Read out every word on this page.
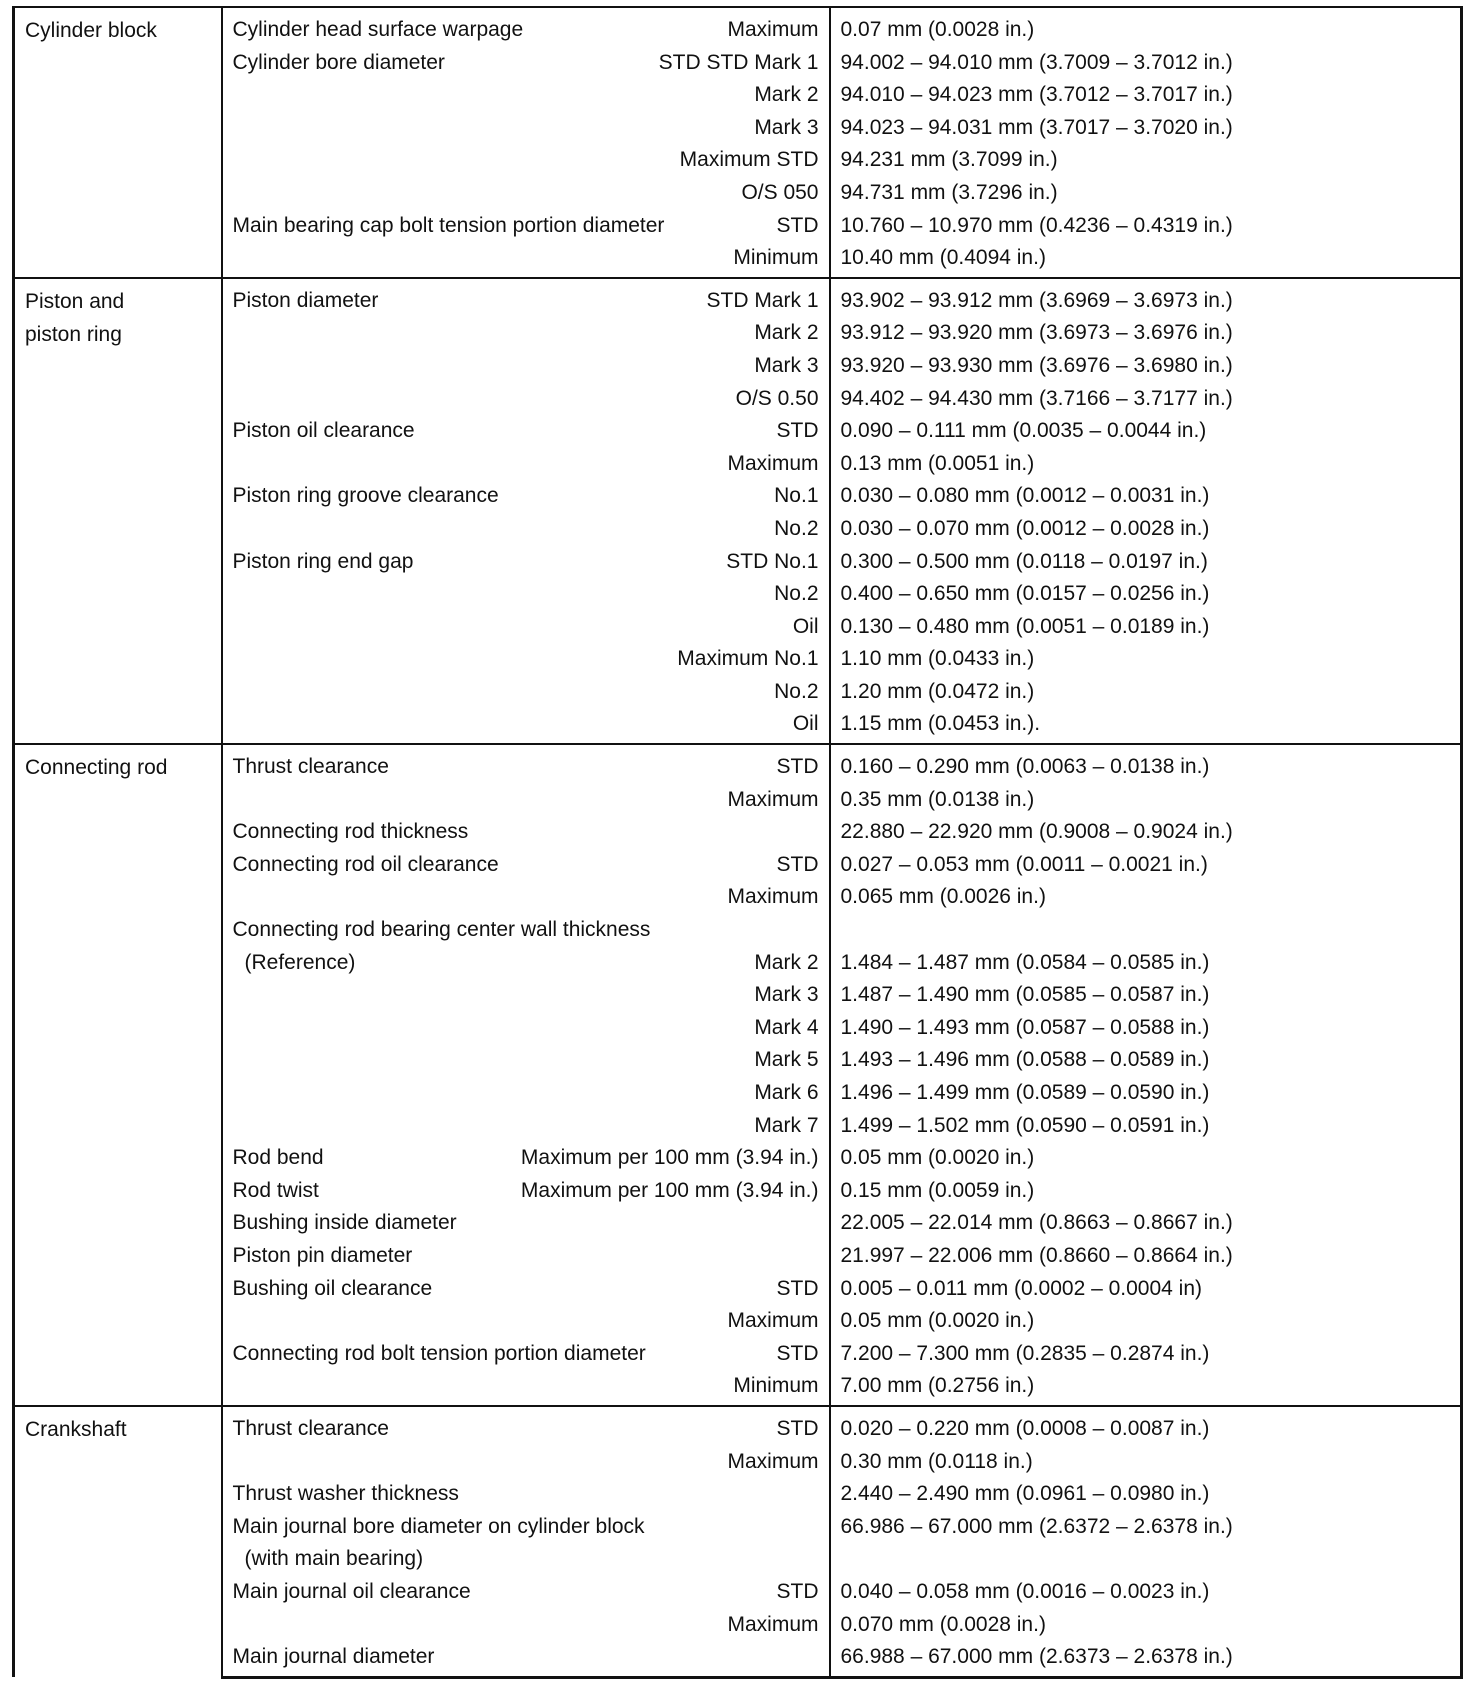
Cylinder block	Cylinder head surface warpage Maximum	0.07 mm (0.0028 in.)

	Cylinder bore diameter STD STD Mark 1	94.002 – 94.010 mm (3.7009 – 3.7012 in.)

	Mark 2	94.010 – 94.023 mm (3.7012 – 3.7017 in.)

	Mark 3	94.023 – 94.031 mm (3.7017 – 3.7020 in.)

	Maximum STD	94.231 mm (3.7099 in.)

	O/S 050	94.731 mm (3.7296 in.)

	Main bearing cap bolt tension portion diameter STD	10.760 – 10.970 mm (0.4236 – 0.4319 in.)

	Minimum	10.40 mm (0.4094 in.)
Piston and
piston ring	Piston diameter STD Mark 1	93.902 – 93.912 mm (3.6969 – 3.6973 in.)

	Mark 2	93.912 – 93.920 mm (3.6973 – 3.6976 in.)

	Mark 3	93.920 – 93.930 mm (3.6976 – 3.6980 in.)

	O/S 0.50	94.402 – 94.430 mm (3.7166 – 3.7177 in.)

	Piston oil clearance STD	0.090 – 0.111 mm (0.0035 – 0.0044 in.)

	Maximum	0.13 mm (0.0051 in.)

	Piston ring groove clearance No.1	0.030 – 0.080 mm (0.0012 – 0.0031 in.)

	No.2	0.030 – 0.070 mm (0.0012 – 0.0028 in.)

	Piston ring end gap STD No.1	0.300 – 0.500 mm (0.0118 – 0.0197 in.)

	No.2	0.400 – 0.650 mm (0.0157 – 0.0256 in.)

	Oil	0.130 – 0.480 mm (0.0051 – 0.0189 in.)

	Maximum No.1	1.10 mm (0.0433 in.)

	No.2	1.20 mm (0.0472 in.)

	Oil	1.15 mm (0.0453 in.).
Connecting rod	Thrust clearance STD	0.160 – 0.290 mm (0.0063 – 0.0138 in.)

	Maximum	0.35 mm (0.0138 in.)

	Connecting rod thickness	22.880 – 22.920 mm (0.9008 – 0.9024 in.)

	Connecting rod oil clearance STD	0.027 – 0.053 mm (0.0011 – 0.0021 in.)

	Maximum	0.065 mm (0.0026 in.)

	Connecting rod bearing center wall thickness	

	(Reference) Mark 2	1.484 – 1.487 mm (0.0584 – 0.0585 in.)

	Mark 3	1.487 – 1.490 mm (0.0585 – 0.0587 in.)

	Mark 4	1.490 – 1.493 mm (0.0587 – 0.0588 in.)

	Mark 5	1.493 – 1.496 mm (0.0588 – 0.0589 in.)

	Mark 6	1.496 – 1.499 mm (0.0589 – 0.0590 in.)

	Mark 7	1.499 – 1.502 mm (0.0590 – 0.0591 in.)

	Rod bend Maximum per 100 mm (3.94 in.)	0.05 mm (0.0020 in.)

	Rod twist Maximum per 100 mm (3.94 in.)	0.15 mm (0.0059 in.)

	Bushing inside diameter	22.005 – 22.014 mm (0.8663 – 0.8667 in.)

	Piston pin diameter	21.997 – 22.006 mm (0.8660 – 0.8664 in.)

	Bushing oil clearance STD	0.005 – 0.011 mm (0.0002 – 0.0004 in)

	Maximum	0.05 mm (0.0020 in.)

	Connecting rod bolt tension portion diameter STD	7.200 – 7.300 mm (0.2835 – 0.2874 in.)

	Minimum	7.00 mm (0.2756 in.)
Crankshaft	Thrust clearance STD	0.020 – 0.220 mm (0.0008 – 0.0087 in.)

	Maximum	0.30 mm (0.0118 in.)

	Thrust washer thickness	2.440 – 2.490 mm (0.0961 – 0.0980 in.)

	Main journal bore diameter on cylinder block	66.986 – 67.000 mm (2.6372 – 2.6378 in.)

	(with main bearing)	

	Main journal oil clearance STD	0.040 – 0.058 mm (0.0016 – 0.0023 in.)

	Maximum	0.070 mm (0.0028 in.)

	Main journal diameter	66.988 – 67.000 mm (2.6373 – 2.6378 in.)
